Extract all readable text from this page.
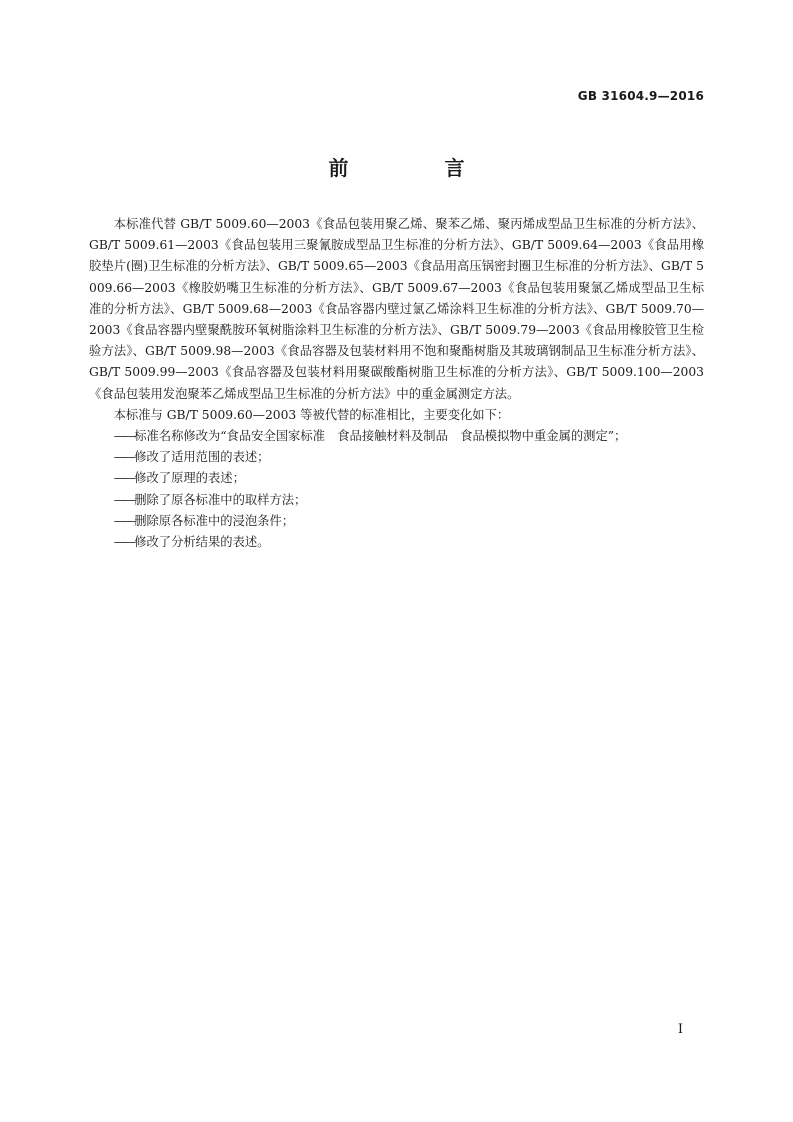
GB 31604.9—2016
前　言

本标准代替 GB/T 5009.60—2003《食品包装用聚乙烯、聚苯乙烯、聚丙烯成型品卫生标准的分析方法》、GB/T 5009.61—2003《食品包装用三聚氰胺成型品卫生标准的分析方法》、GB/T 5009.64—2003《食品用橡胶垫片(圈)卫生标准的分析方法》、GB/T 5009.65—2003《食品用高压锅密封圈卫生标准的分析方法》、GB/T 5009.66—2003《橡胶奶嘴卫生标准的分析方法》、GB/T 5009.67—2003《食品包装用聚氯乙烯成型品卫生标准的分析方法》、GB/T 5009.68—2003《食品容器内壁过氯乙烯涂料卫生标准的分析方法》、GB/T 5009.70—2003《食品容器内壁聚酰胺环氧树脂涂料卫生标准的分析方法》、GB/T 5009.79—2003《食品用橡胶管卫生检验方法》、GB/T 5009.98—2003《食品容器及包装材料用不饱和聚酯树脂及其玻璃钢制品卫生标准分析方法》、GB/T 5009.99—2003《食品容器及包装材料用聚碳酸酯树脂卫生标准的分析方法》、GB/T 5009.100—2003《食品包装用发泡聚苯乙烯成型品卫生标准的分析方法》中的重金属测定方法。

本标准与 GB/T 5009.60—2003 等被代替的标准相比，主要变化如下：

——标准名称修改为“食品安全国家标准　食品接触材料及制品　食品模拟物中重金属的测定”；
——修改了适用范围的表述；
——修改了原理的表述；
——删除了原各标准中的取样方法；
——删除原各标准中的浸泡条件；
——修改了分析结果的表述。
I
